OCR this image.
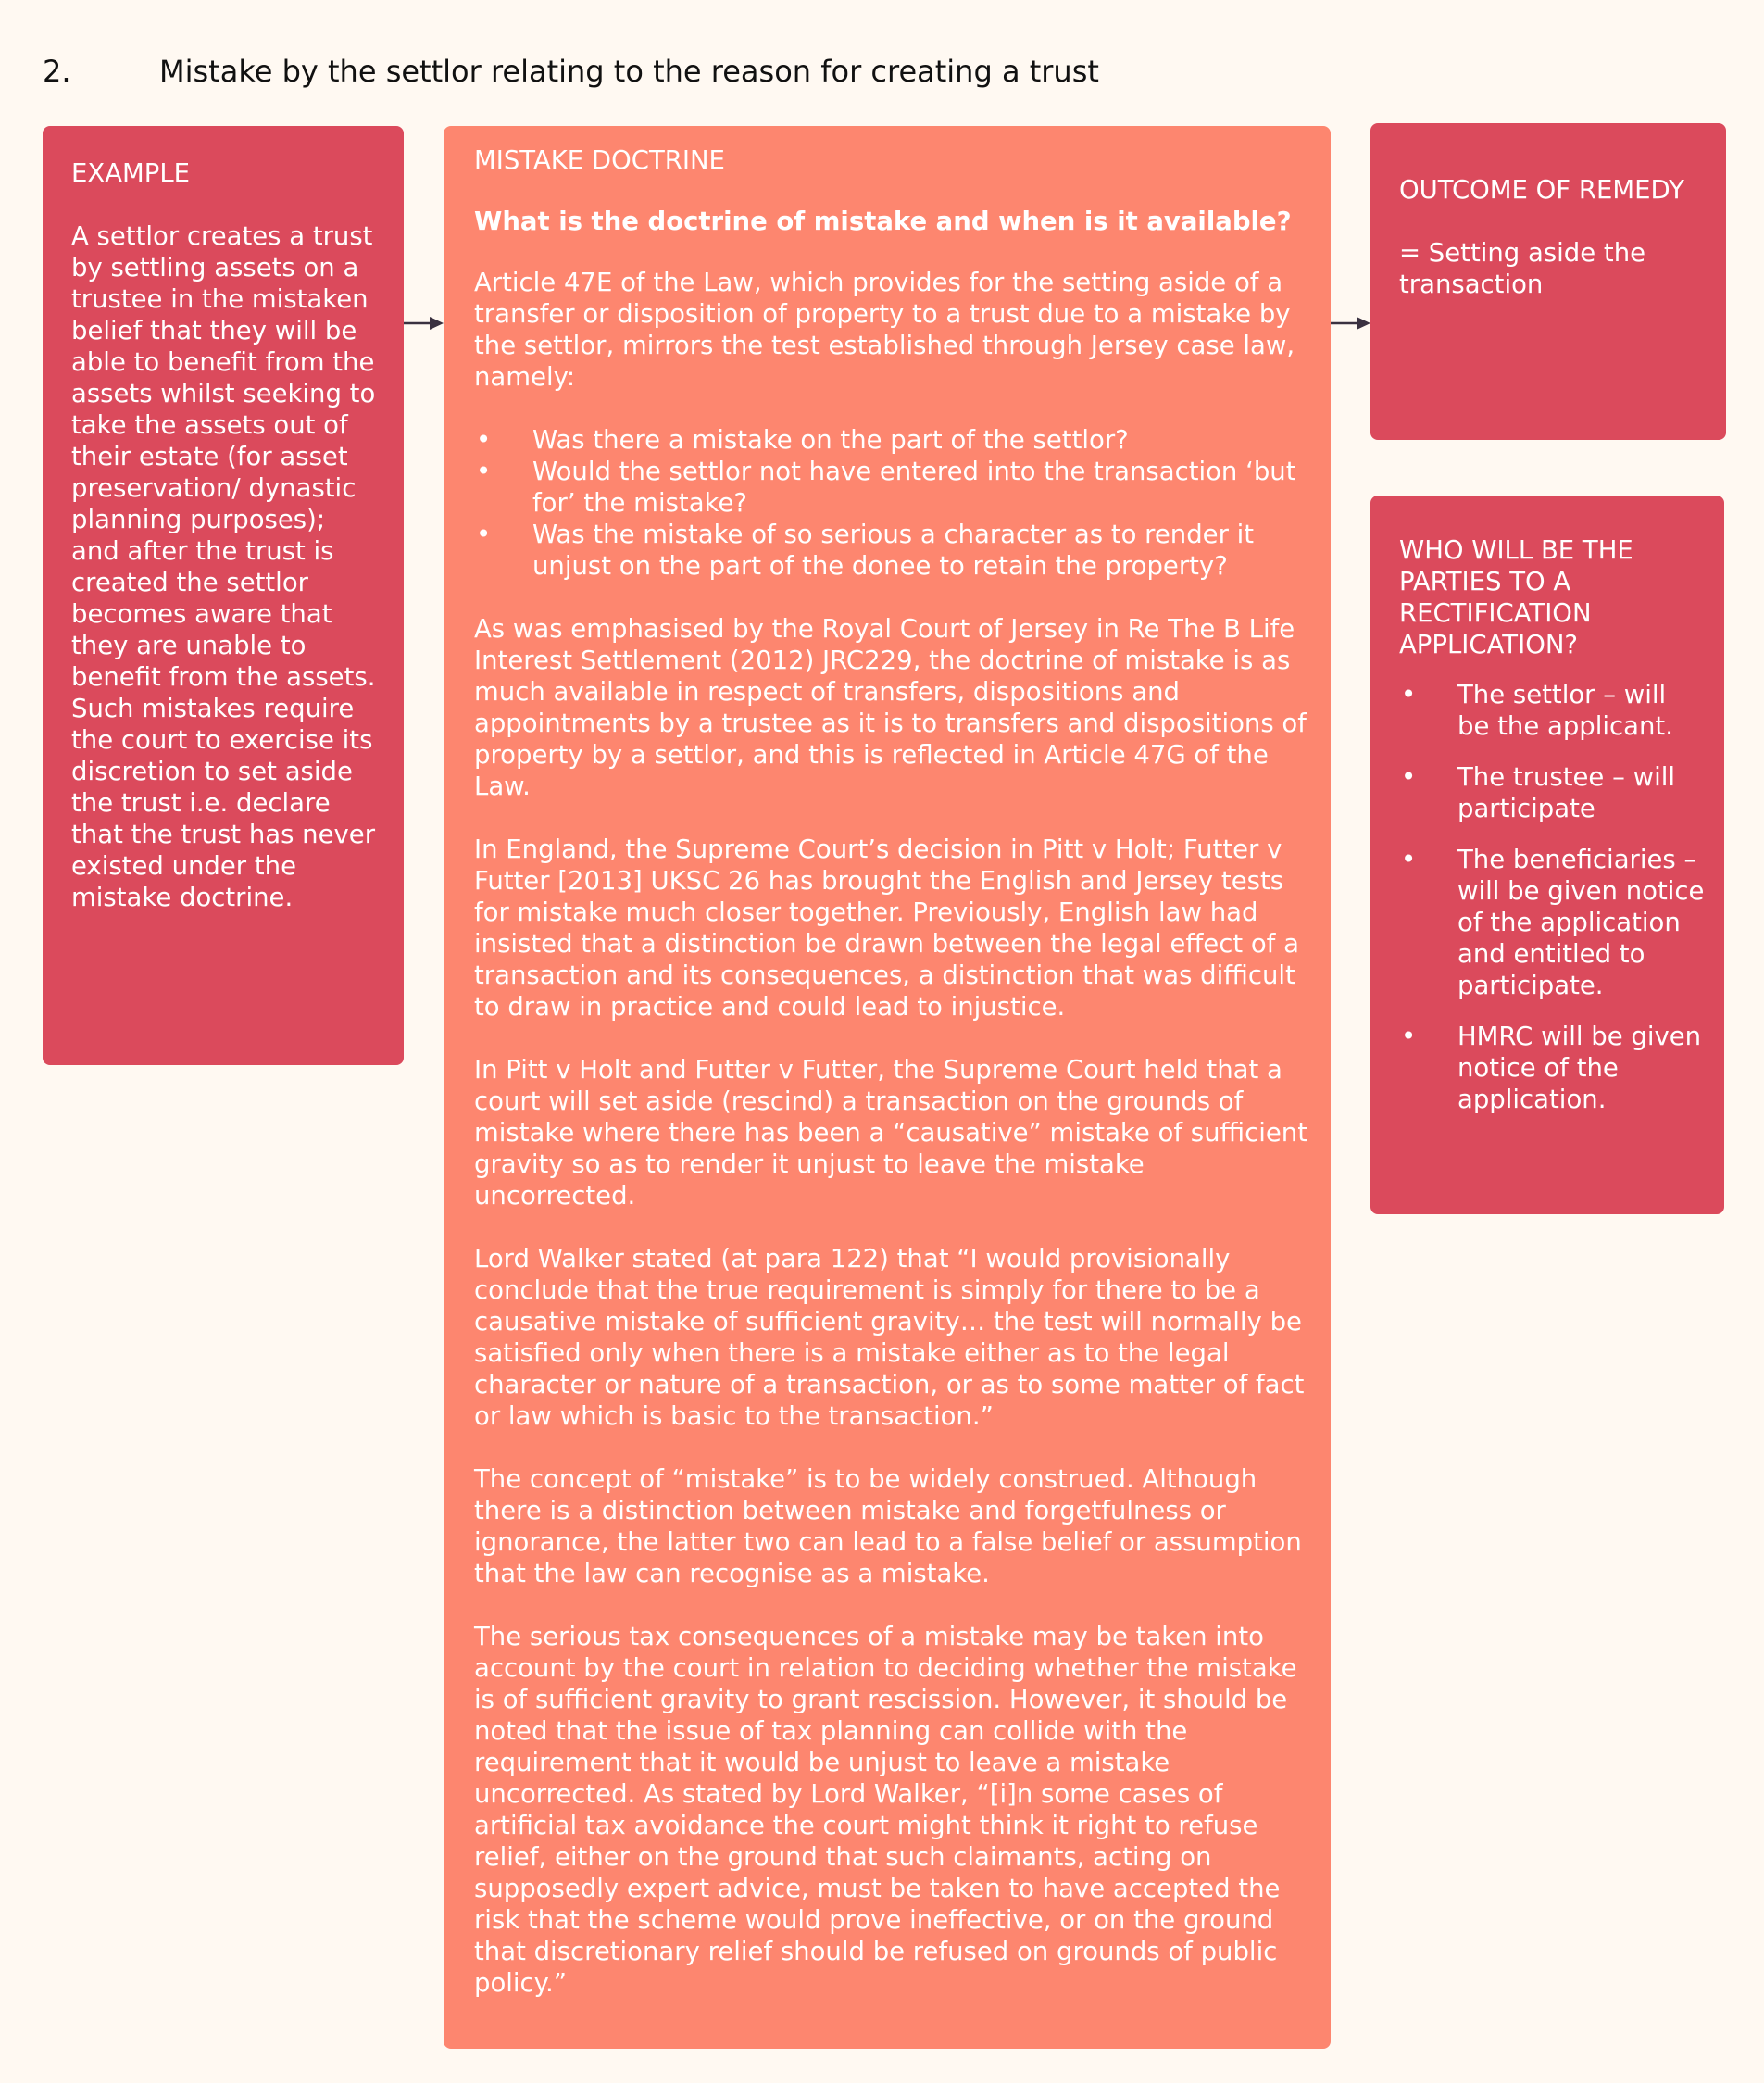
2.	Mistake by the settlor relating to the reason for creating a trust

EXAMPLE

A settlor creates a trust by settling assets on a trustee in the mistaken belief that they will be able to benefit from the assets whilst seeking to take the assets out of their estate (for asset preservation/ dynastic planning purposes); and after the trust is created the settlor becomes aware that they are unable to benefit from the assets. Such mistakes require the court to exercise its discretion to set aside the trust i.e. declare that the trust has never existed under the mistake doctrine.

MISTAKE DOCTRINE

What is the doctrine of mistake and when is it available?

Article 47E of the Law, which provides for the setting aside of a transfer or disposition of property to a trust due to a mistake by the settlor, mirrors the test established through Jersey case law, namely:

• Was there a mistake on the part of the settlor?
• Would the settlor not have entered into the transaction ‘but for’ the mistake?
• Was the mistake of so serious a character as to render it unjust on the part of the donee to retain the property?

As was emphasised by the Royal Court of Jersey in Re The B Life Interest Settlement (2012) JRC229, the doctrine of mistake is as much available in respect of transfers, dispositions and appointments by a trustee as it is to transfers and dispositions of property by a settlor, and this is reflected in Article 47G of the Law.

In England, the Supreme Court’s decision in Pitt v Holt; Futter v Futter [2013] UKSC 26 has brought the English and Jersey tests for mistake much closer together. Previously, English law had insisted that a distinction be drawn between the legal effect of a transaction and its consequences, a distinction that was difficult to draw in practice and could lead to injustice.

In Pitt v Holt and Futter v Futter, the Supreme Court held that a court will set aside (rescind) a transaction on the grounds of mistake where there has been a “causative” mistake of sufficient gravity so as to render it unjust to leave the mistake uncorrected.

Lord Walker stated (at para 122) that “I would provisionally conclude that the true requirement is simply for there to be a causative mistake of sufficient gravity… the test will normally be satisfied only when there is a mistake either as to the legal character or nature of a transaction, or as to some matter of fact or law which is basic to the transaction.”

The concept of “mistake” is to be widely construed. Although there is a distinction between mistake and forgetfulness or ignorance, the latter two can lead to a false belief or assumption that the law can recognise as a mistake.

The serious tax consequences of a mistake may be taken into account by the court in relation to deciding whether the mistake is of sufficient gravity to grant rescission. However, it should be noted that the issue of tax planning can collide with the requirement that it would be unjust to leave a mistake uncorrected. As stated by Lord Walker, “[i]n some cases of artificial tax avoidance the court might think it right to refuse relief, either on the ground that such claimants, acting on supposedly expert advice, must be taken to have accepted the risk that the scheme would prove ineffective, or on the ground that discretionary relief should be refused on grounds of public policy.”

OUTCOME OF REMEDY

= Setting aside the transaction

WHO WILL BE THE PARTIES TO A RECTIFICATION APPLICATION?

• The settlor – will be the applicant.
• The trustee – will participate
• The beneficiaries – will be given notice of the application and entitled to participate.
• HMRC will be given notice of the application.
